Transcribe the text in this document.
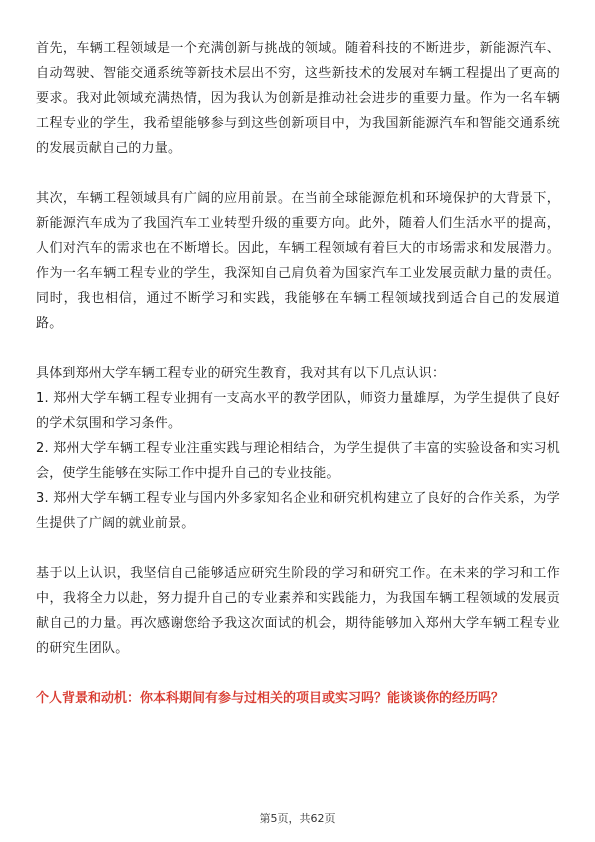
首先，车辆工程领域是一个充满创新与挑战的领域。随着科技的不断进步，新能源汽车、自动驾驶、智能交通系统等新技术层出不穷，这些新技术的发展对车辆工程提出了更高的要求。我对此领域充满热情，因为我认为创新是推动社会进步的重要力量。作为一名车辆工程专业的学生，我希望能够参与到这些创新项目中，为我国新能源汽车和智能交通系统的发展贡献自己的力量。

其次，车辆工程领域具有广阔的应用前景。在当前全球能源危机和环境保护的大背景下，新能源汽车成为了我国汽车工业转型升级的重要方向。此外，随着人们生活水平的提高，人们对汽车的需求也在不断增长。因此，车辆工程领域有着巨大的市场需求和发展潜力。作为一名车辆工程专业的学生，我深知自己肩负着为国家汽车工业发展贡献力量的责任。同时，我也相信，通过不断学习和实践，我能够在车辆工程领域找到适合自己的发展道路。

具体到郑州大学车辆工程专业的研究生教育，我对其有以下几点认识：

1. 郑州大学车辆工程专业拥有一支高水平的教学团队，师资力量雄厚，为学生提供了良好的学术氛围和学习条件。

2. 郑州大学车辆工程专业注重实践与理论相结合，为学生提供了丰富的实验设备和实习机会，使学生能够在实际工作中提升自己的专业技能。

3. 郑州大学车辆工程专业与国内外多家知名企业和研究机构建立了良好的合作关系，为学生提供了广阔的就业前景。

基于以上认识，我坚信自己能够适应研究生阶段的学习和研究工作。在未来的学习和工作中，我将全力以赴，努力提升自己的专业素养和实践能力，为我国车辆工程领域的发展贡献自己的力量。再次感谢您给予我这次面试的机会，期待能够加入郑州大学车辆工程专业的研究生团队。

个人背景和动机：你本科期间有参与过相关的项目或实习吗？能谈谈你的经历吗？

第5页，共62页
